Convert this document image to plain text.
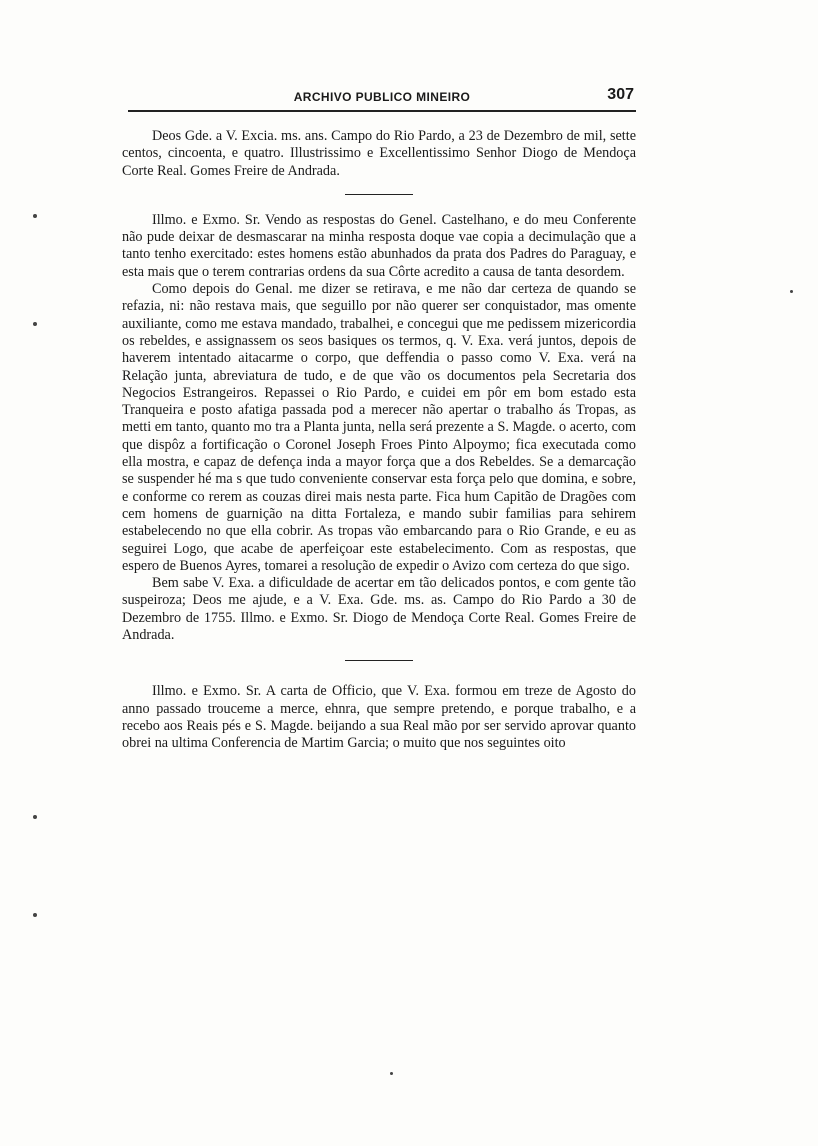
ARCHIVO PUBLICO MINEIRO	307

Deos Gde. a V. Excia. ms. ans. Campo do Rio Pardo, a 23 de Dezembro de mil, sette centos, cincoenta, e quatro. Illustrissimo e Excellentissimo Senhor Diogo de Mendoça Corte Real. Gomes Freire de Andrada.

Illmo. e Exmo. Sr. Vendo as respostas do Genel. Castelhano, e do meu Conferente não pude deixar de desmascarar na minha resposta doque vae copia a decimulação que a tanto tenho exercitado: estes homens estão abunhados da prata dos Padres do Paraguay, e esta mais que o terem contrarias ordens da sua Côrte acredito a causa de tanta desordem.

Como depois do Genal. me dizer se retirava, e me não dar certeza de quando se refazia, ni: não restava mais, que seguillo por não querer ser conquistador, mas omente auxiliante, como me estava mandado, trabalhei, e concegui que me pedissem mizericordia os rebeldes, e assignassem os seos basiques os termos, q. V. Exa. verá juntos, depois de haverem intentado aitacarme o corpo, que deffendia o passo como V. Exa. verá na Relação junta, abreviatura de tudo, e de que vão os documentos pela Secretaria dos Negocios Estrangeiros. Repassei o Rio Pardo, e cuidei em pôr em bom estado esta Tranqueira e posto afatiga passada pod a merecer não apertar o trabalho ás Tropas, as metti em tanto, quanto mo tra a Planta junta, nella será prezente a S. Magde. o acerto, com que dispôz a fortificação o Coronel Joseph Froes Pinto Alpoymo; fica executada como ella mostra, e capaz de defença inda a mayor força que a dos Rebeldes. Se a demarcação se suspender hé ma s que tudo conveniente conservar esta força pelo que domina, e sobre, e conforme co rerem as couzas direi mais nesta parte. Fica hum Capitão de Dragões com cem homens de guarnição na ditta Fortaleza, e mando subir familias para sehirem estabelecendo no que ella cobrir. As tropas vão embarcando para o Rio Grande, e eu as seguirei Logo, que acabe de aperfeiçoar este estabelecimento. Com as respostas, que espero de Buenos Ayres, tomarei a resolução de expedir o Avizo com certeza do que sigo.

Bem sabe V. Exa. a dificuldade de acertar em tão delicados pontos, e com gente tão suspeiroza; Deos me ajude, e a V. Exa. Gde. ms. as. Campo do Rio Pardo a 30 de Dezembro de 1755. Illmo. e Exmo. Sr. Diogo de Mendoça Corte Real. Gomes Freire de Andrada.

Illmo. e Exmo. Sr. A carta de Officio, que V. Exa. formou em treze de Agosto do anno passado trouceme a merce, ehnra, que sempre pretendo, e porque trabalho, e a recebo aos Reais pés e S. Magde. beijando a sua Real mão por ser servido aprovar quanto obrei na ultima Conferencia de Martim Garcia; o muito que nos seguintes oito
